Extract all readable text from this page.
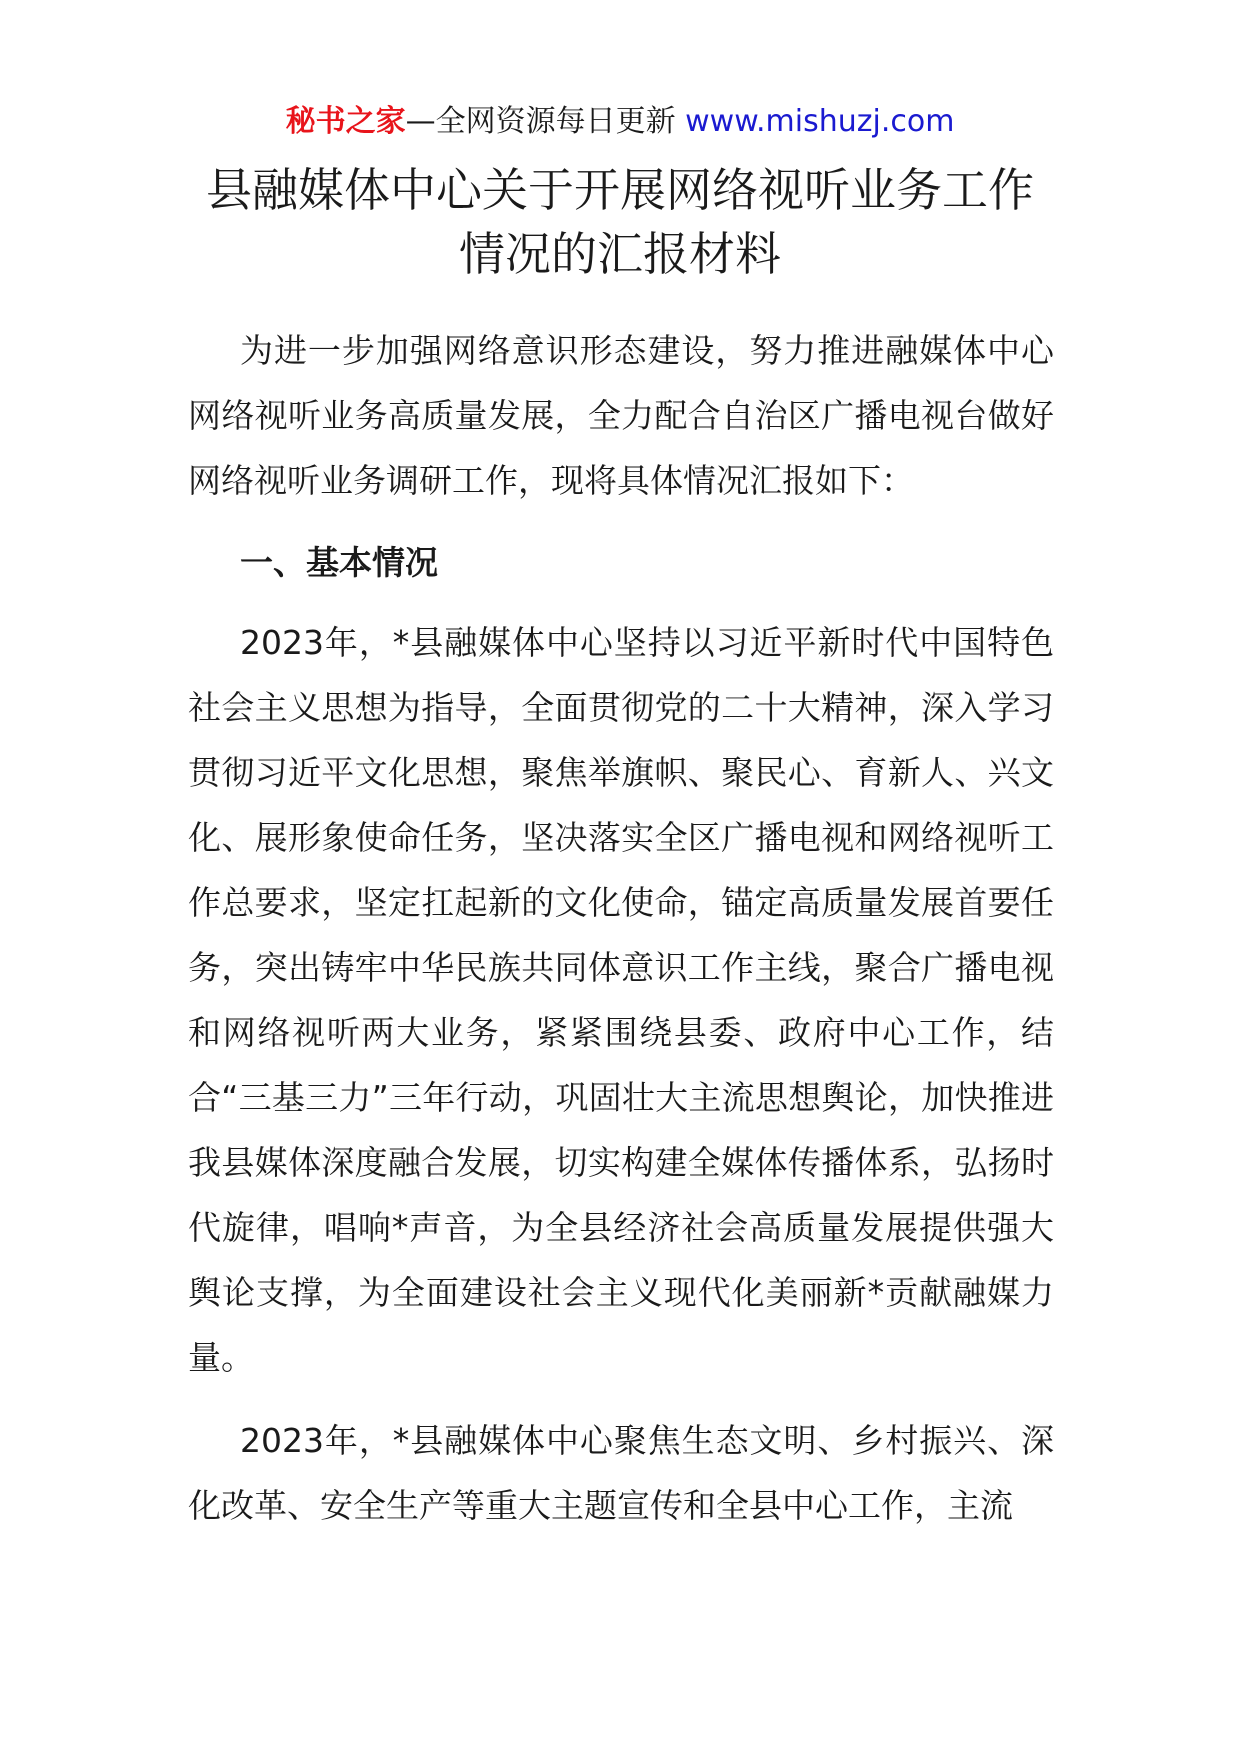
秘书之家—全网资源每日更新 www.mishuzj.com
县融媒体中心关于开展网络视听业务工作
情况的汇报材料

为进一步加强网络意识形态建设，努力推进融媒体中心网络视听业务高质量发展，全力配合自治区广播电视台做好网络视听业务调研工作，现将具体情况汇报如下：

一、基本情况

2023年，*县融媒体中心坚持以习近平新时代中国特色社会主义思想为指导，全面贯彻党的二十大精神，深入学习贯彻习近平文化思想，聚焦举旗帜、聚民心、育新人、兴文化、展形象使命任务，坚决落实全区广播电视和网络视听工作总要求，坚定扛起新的文化使命，锚定高质量发展首要任务，突出铸牢中华民族共同体意识工作主线，聚合广播电视和网络视听两大业务，紧紧围绕县委、政府中心工作，结合“三基三力”三年行动，巩固壮大主流思想舆论，加快推进我县媒体深度融合发展，切实构建全媒体传播体系，弘扬时代旋律，唱响*声音，为全县经济社会高质量发展提供强大舆论支撑，为全面建设社会主义现代化美丽新*贡献融媒力量。

2023年，*县融媒体中心聚焦生态文明、乡村振兴、深化改革、安全生产等重大主题宣传和全县中心工作，主流
